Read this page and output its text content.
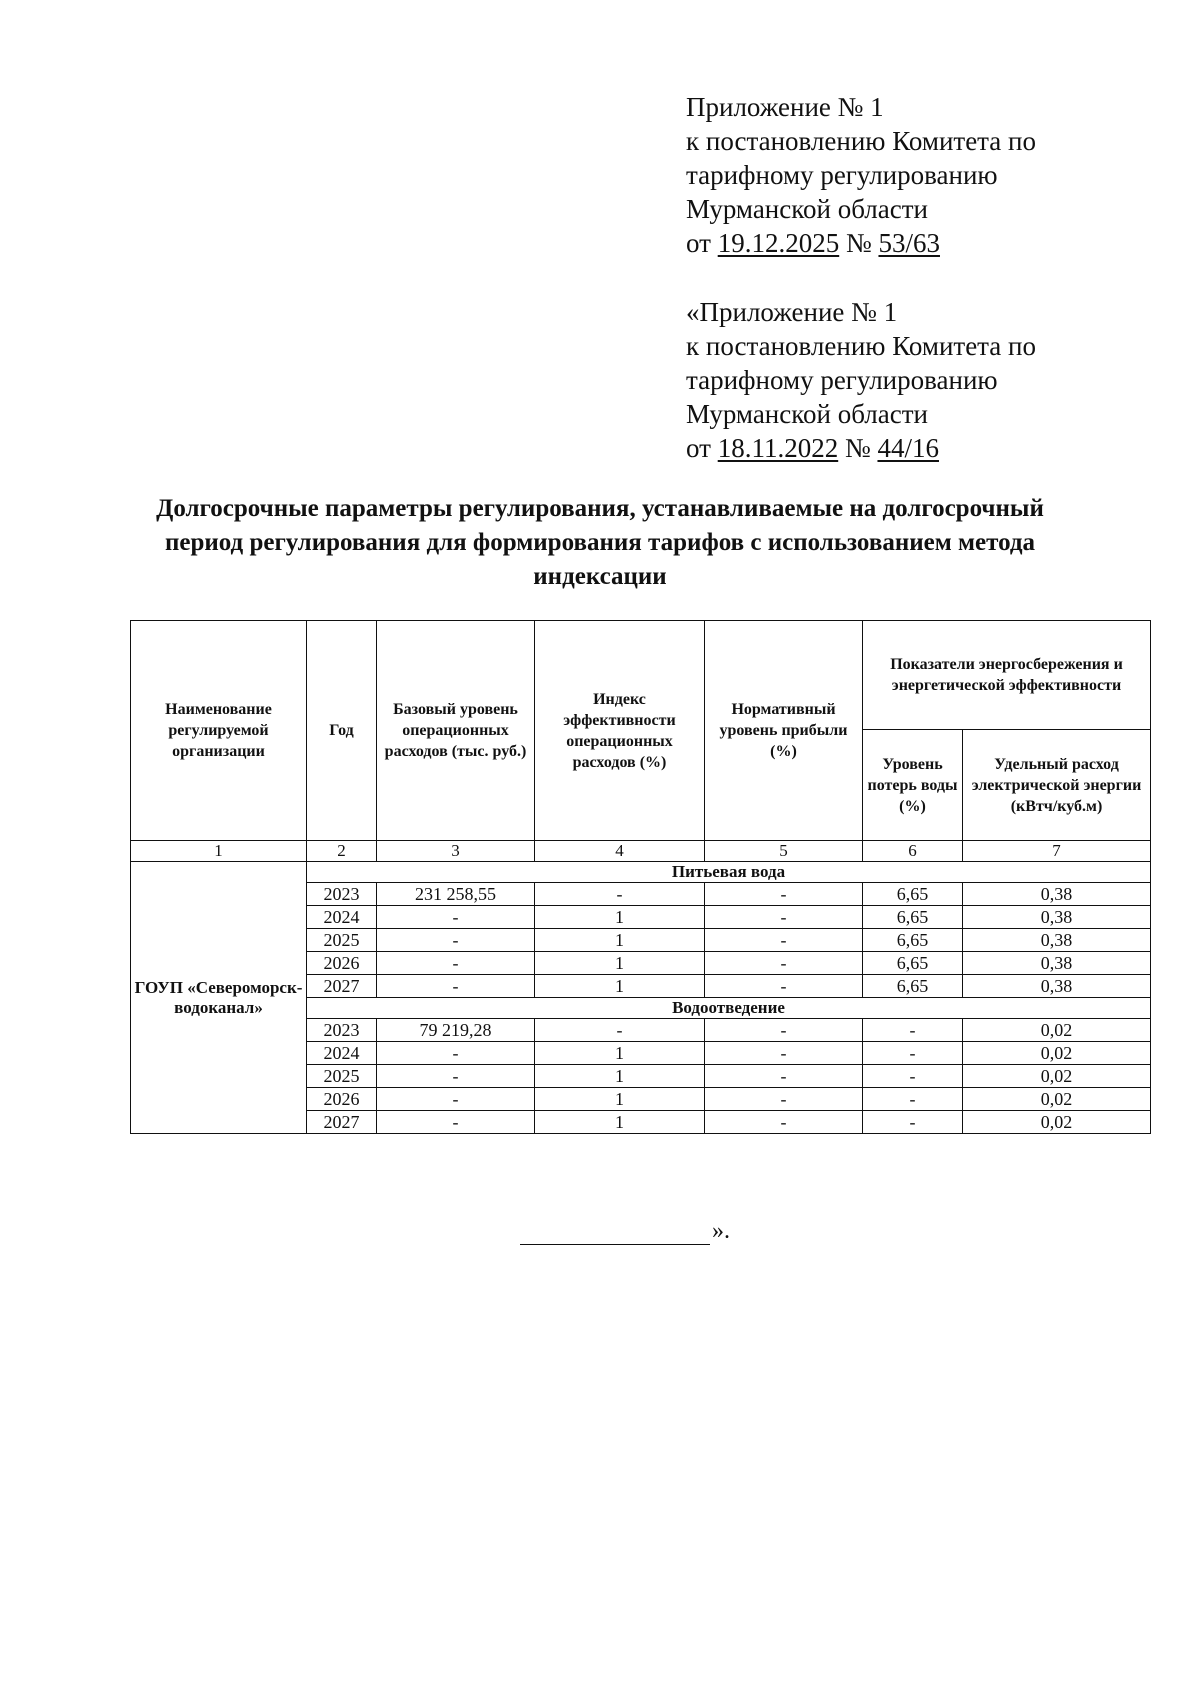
Приложение № 1
к постановлению Комитета по
тарифному регулированию
Мурманской области
от 19.12.2025 № 53/63
«Приложение № 1
к постановлению Комитета по
тарифному регулированию
Мурманской области
от 18.11.2022 № 44/16
Долгосрочные параметры регулирования, устанавливаемые на долгосрочный период регулирования для формирования тарифов с использованием метода индексации
Наименование регулируемой организации	Год	Базовый уровень операционных расходов (тыс. руб.)	Индекс эффективности операционных расходов (%)	Нормативный уровень прибыли (%)	Показатели энергосбережения и энергетической эффективности	
					Уровень потерь воды (%)	Удельный расход электрической энергии (кВтч/куб.м)
1	2	3	4	5	6	7
ГОУП «Североморск-водоканал»	Питьевая вода					
	2023	231 258,55	-	-	6,65	0,38
	2024	-	1	-	6,65	0,38
	2025	-	1	-	6,65	0,38
	2026	-	1	-	6,65	0,38
	2027	-	1	-	6,65	0,38
	Водоотведение					
	2023	79 219,28	-	-	-	0,02
	2024	-	1	-	-	0,02
	2025	-	1	-	-	0,02
	2026	-	1	-	-	0,02
	2027	-	1	-	-	0,02
».
